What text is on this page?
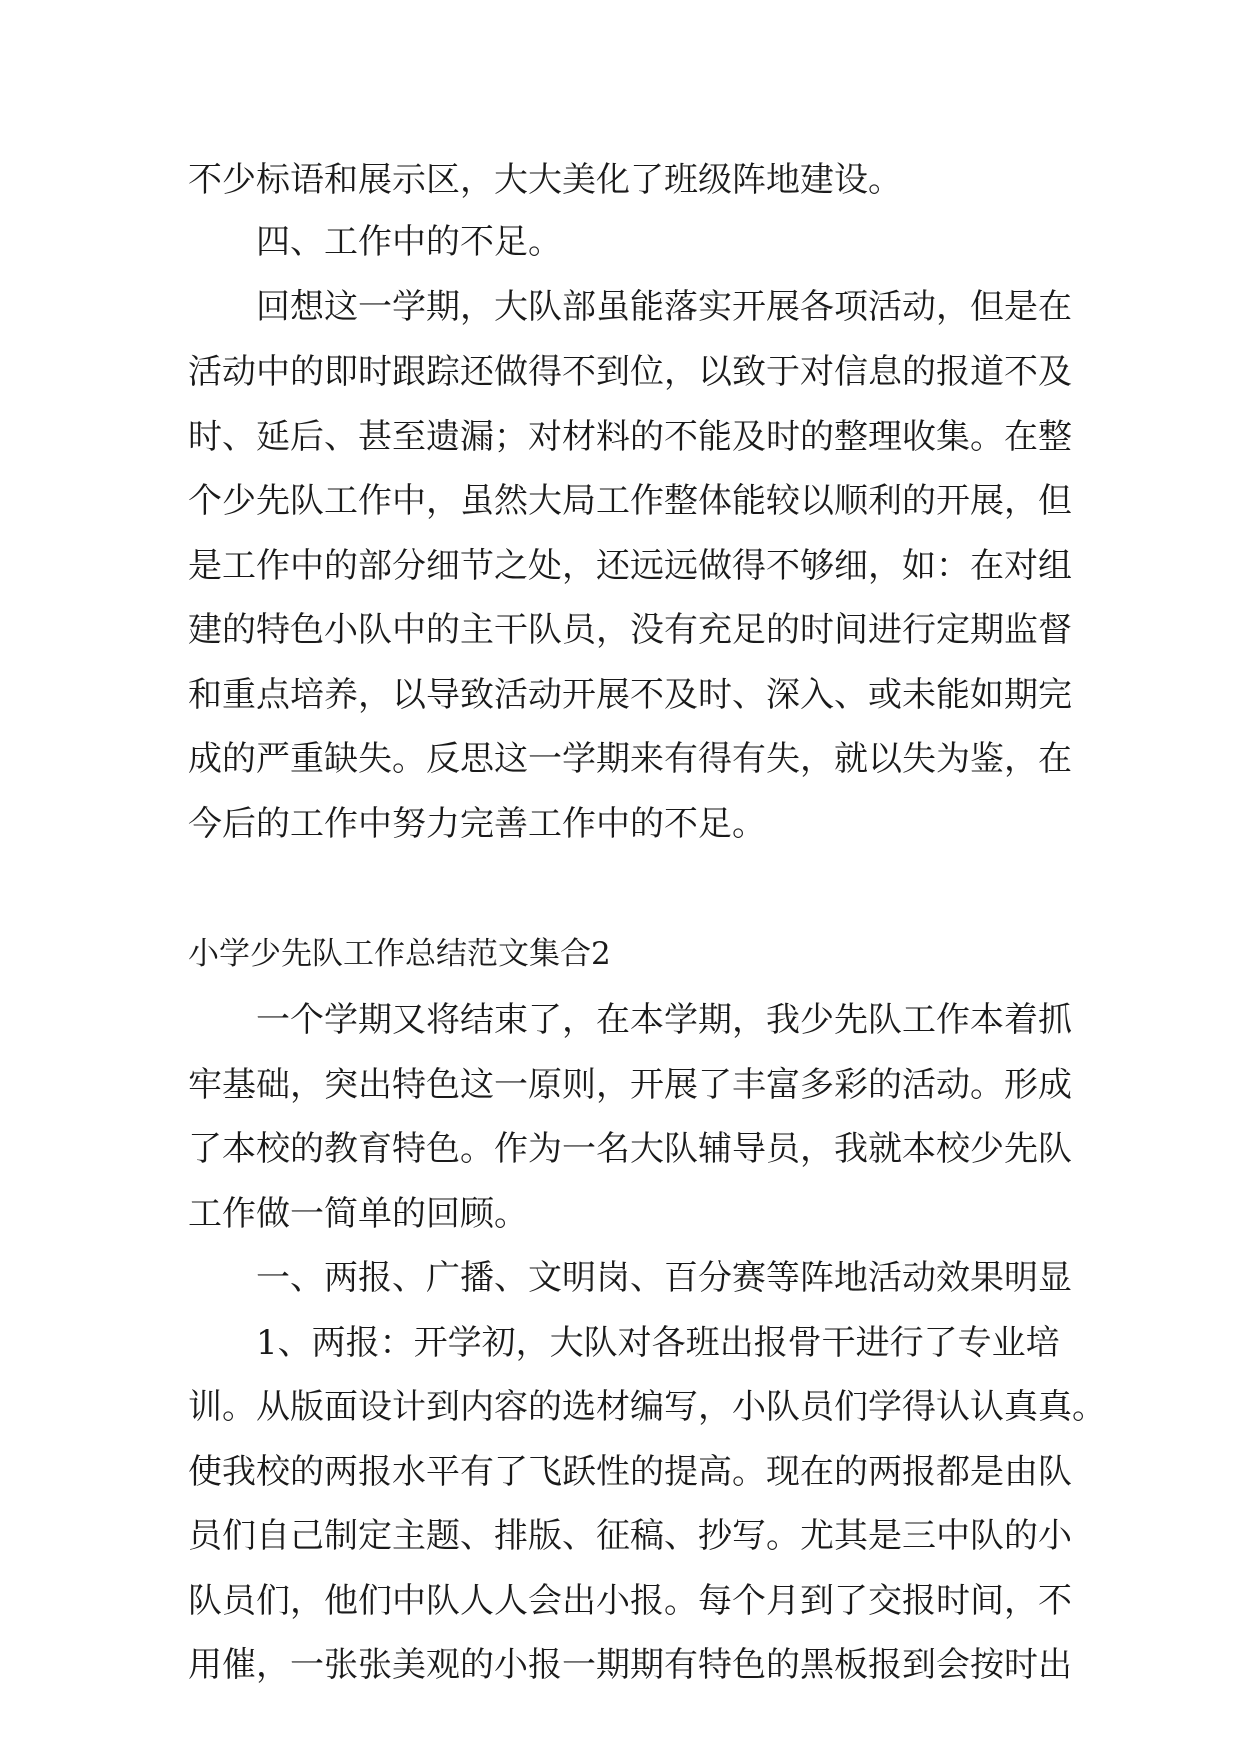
不少标语和展示区，大大美化了班级阵地建设。
四、工作中的不足。
回想这一学期，大队部虽能落实开展各项活动，但是在
活动中的即时跟踪还做得不到位，以致于对信息的报道不及
时、延后、甚至遗漏；对材料的不能及时的整理收集。在整
个少先队工作中，虽然大局工作整体能较以顺利的开展，但
是工作中的部分细节之处，还远远做得不够细，如：在对组
建的特色小队中的主干队员，没有充足的时间进行定期监督
和重点培养，以导致活动开展不及时、深入、或未能如期完
成的严重缺失。反思这一学期来有得有失，就以失为鉴，在
今后的工作中努力完善工作中的不足。
小学少先队工作总结范文集合2
一个学期又将结束了，在本学期，我少先队工作本着抓
牢基础，突出特色这一原则，开展了丰富多彩的活动。形成
了本校的教育特色。作为一名大队辅导员，我就本校少先队
工作做一简单的回顾。
一、两报、广播、文明岗、百分赛等阵地活动效果明显
1、两报：开学初，大队对各班出报骨干进行了专业培
训。从版面设计到内容的选材编写，小队员们学得认认真真。
使我校的两报水平有了飞跃性的提高。现在的两报都是由队
员们自己制定主题、排版、征稿、抄写。尤其是三中队的小
队员们，他们中队人人会出小报。每个月到了交报时间，不
用催，一张张美观的小报一期期有特色的黑板报到会按时出
